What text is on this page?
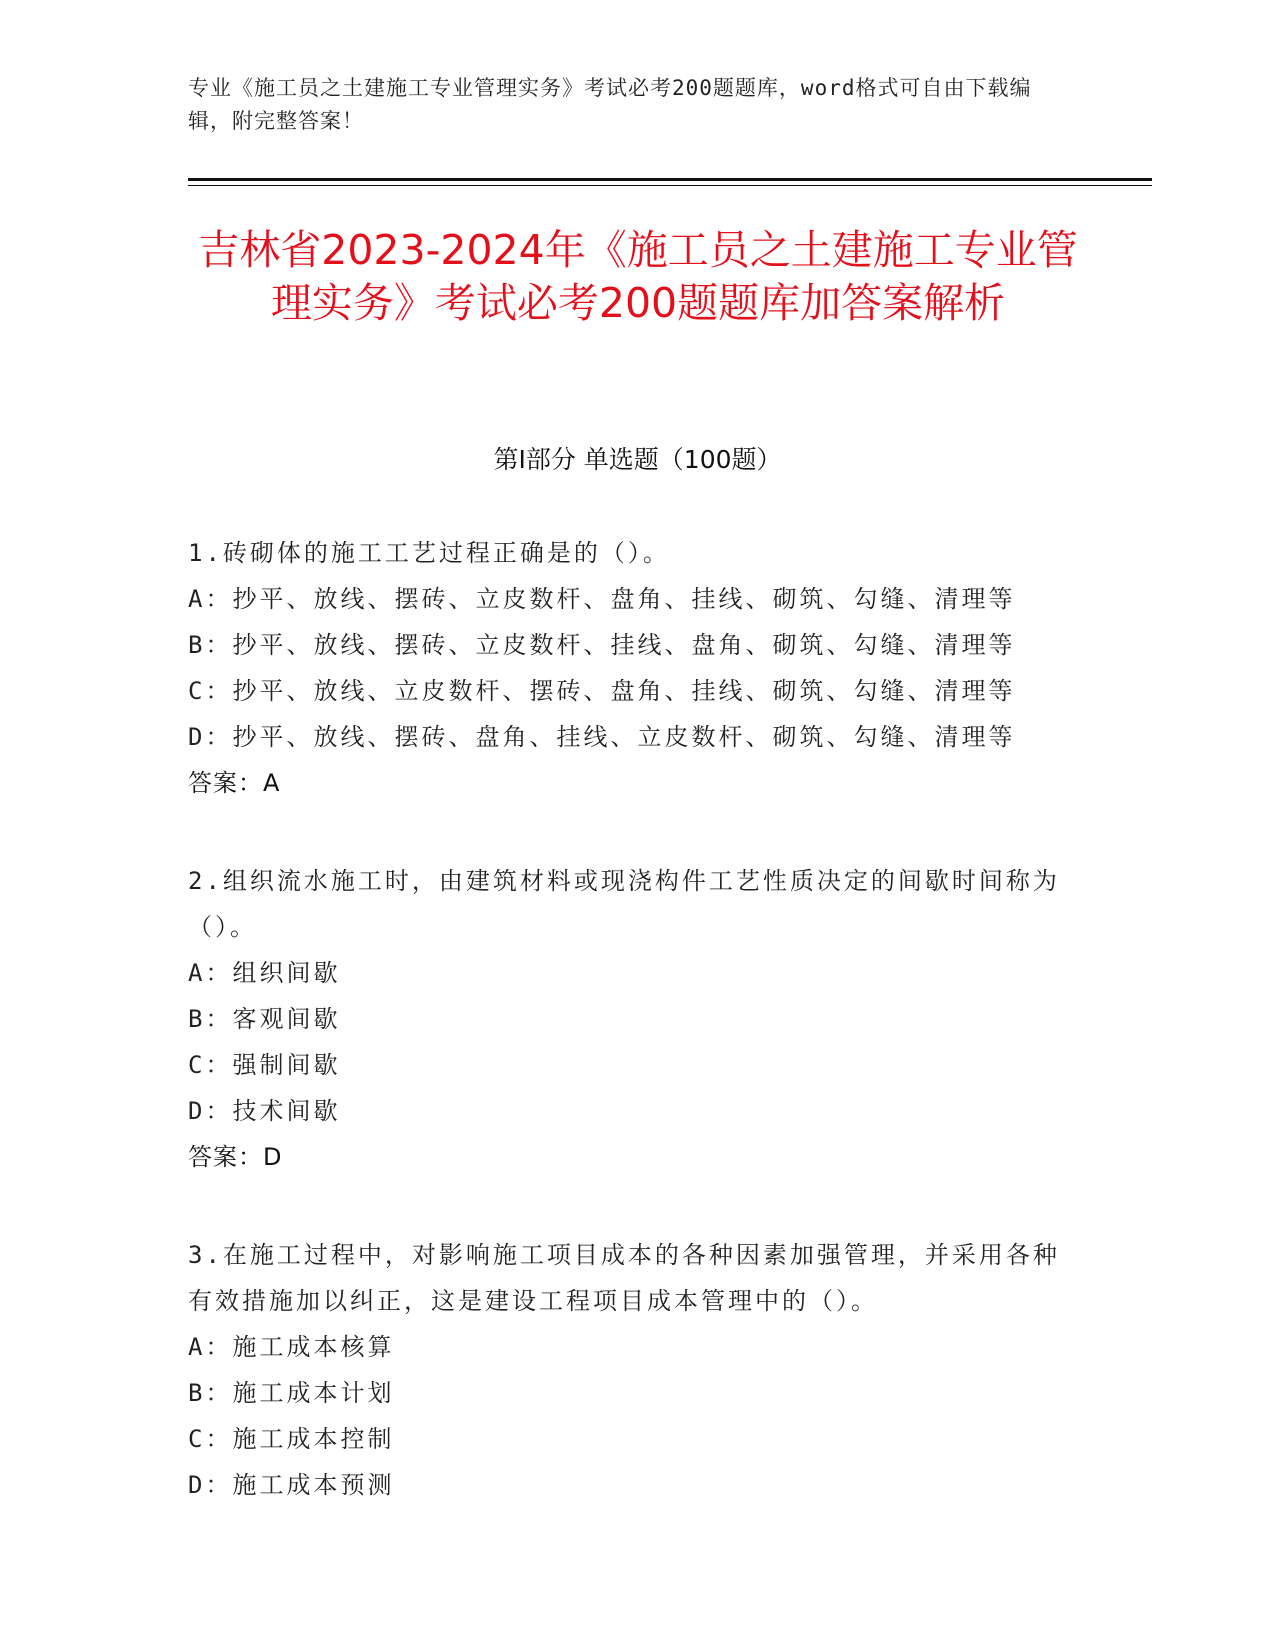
专业《施工员之土建施工专业管理实务》考试必考200题题库，word格式可自由下载编辑，附完整答案！
吉林省2023-2024年《施工员之土建施工专业管理实务》考试必考200题题库加答案解析
第I部分 单选题（100题）

1.砖砌体的施工工艺过程正确是的（）。

A：抄平、放线、摆砖、立皮数杆、盘角、挂线、砌筑、勾缝、清理等

B：抄平、放线、摆砖、立皮数杆、挂线、盘角、砌筑、勾缝、清理等

C：抄平、放线、立皮数杆、摆砖、盘角、挂线、砌筑、勾缝、清理等

D：抄平、放线、摆砖、盘角、挂线、立皮数杆、砌筑、勾缝、清理等

答案：A

2.组织流水施工时，由建筑材料或现浇构件工艺性质决定的间歇时间称为（）。

A：组织间歇

B：客观间歇

C：强制间歇

D：技术间歇

答案：D

3.在施工过程中，对影响施工项目成本的各种因素加强管理，并采用各种有效措施加以纠正，这是建设工程项目成本管理中的（）。

A：施工成本核算

B：施工成本计划

C：施工成本控制

D：施工成本预测
